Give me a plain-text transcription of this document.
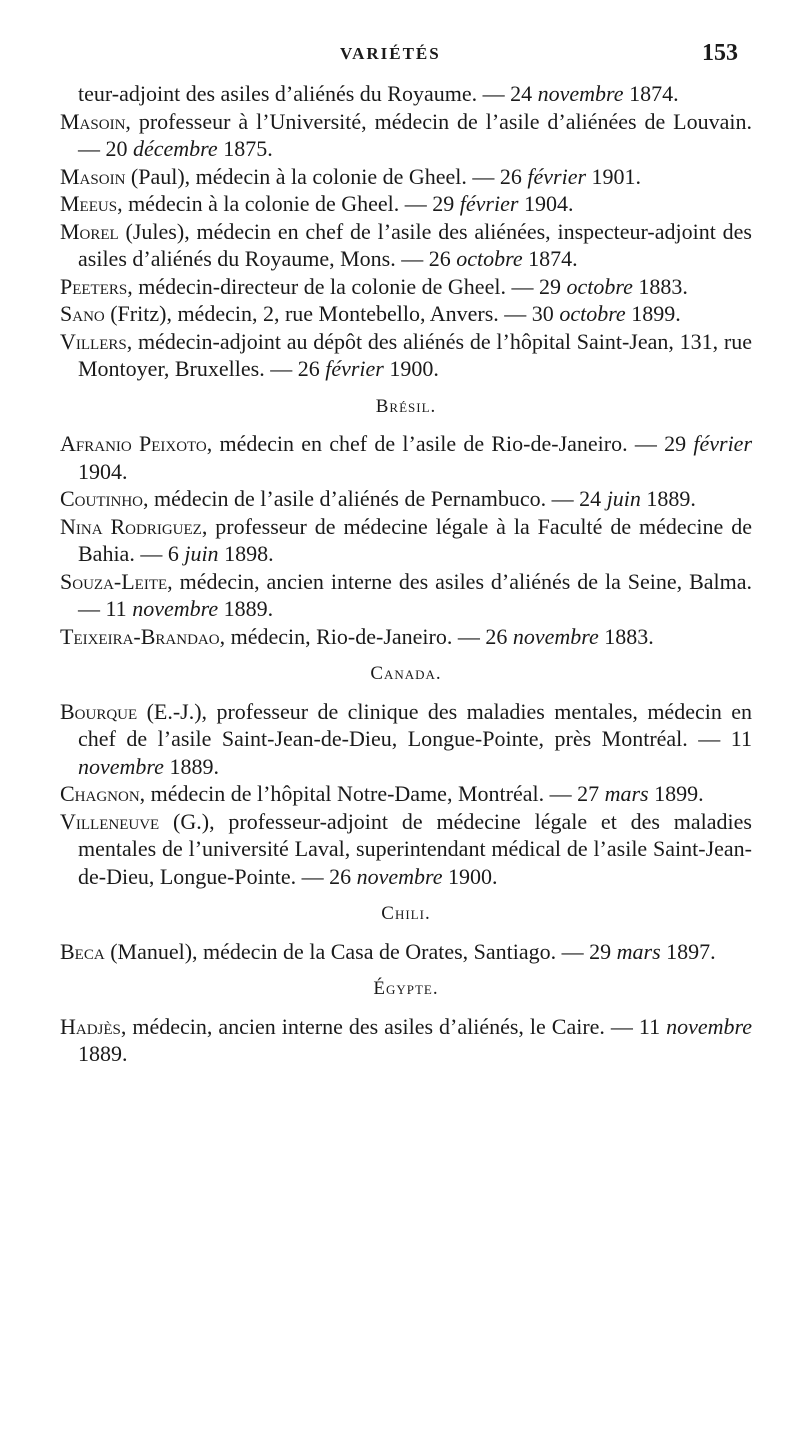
VARIÉTÉS	153

teur-adjoint des asiles d’aliénés du Royaume. — 24 novembre 1874.

Masoin, professeur à l’Université, médecin de l’asile d’aliénées de Louvain. — 20 décembre 1875.

Masoin (Paul), médecin à la colonie de Gheel. — 26 février 1901.

Meeus, médecin à la colonie de Gheel. — 29 février 1904.

Morel (Jules), médecin en chef de l’asile des aliénées, inspecteur-adjoint des asiles d’aliénés du Royaume, Mons. — 26 octobre 1874.

Peeters, médecin-directeur de la colonie de Gheel. — 29 octobre 1883.

Sano (Fritz), médecin, 2, rue Montebello, Anvers. — 30 octobre 1899.

Villers, médecin-adjoint au dépôt des aliénés de l’hôpital Saint-Jean, 131, rue Montoyer, Bruxelles. — 26 février 1900.

Brésil.

Afranio Peixoto, médecin en chef de l’asile de Rio-de-Janeiro. — 29 février 1904.

Coutinho, médecin de l’asile d’aliénés de Pernambuco. — 24 juin 1889.

Nina Rodriguez, professeur de médecine légale à la Faculté de médecine de Bahia. — 6 juin 1898.

Souza-Leite, médecin, ancien interne des asiles d’aliénés de la Seine, Balma. — 11 novembre 1889.

Teixeira-Brandao, médecin, Rio-de-Janeiro. — 26 novembre 1883.

Canada.

Bourque (E.-J.), professeur de clinique des maladies mentales, médecin en chef de l’asile Saint-Jean-de-Dieu, Longue-Pointe, près Montréal. — 11 novembre 1889.

Chagnon, médecin de l’hôpital Notre-Dame, Montréal. — 27 mars 1899.

Villeneuve (G.), professeur-adjoint de médecine légale et des maladies mentales de l’université Laval, superintendant médical de l’asile Saint-Jean-de-Dieu, Longue-Pointe. — 26 novembre 1900.

Chili.

Beca (Manuel), médecin de la Casa de Orates, Santiago. — 29 mars 1897.

Égypte.

Hadjès, médecin, ancien interne des asiles d’aliénés, le Caire. — 11 novembre 1889.
